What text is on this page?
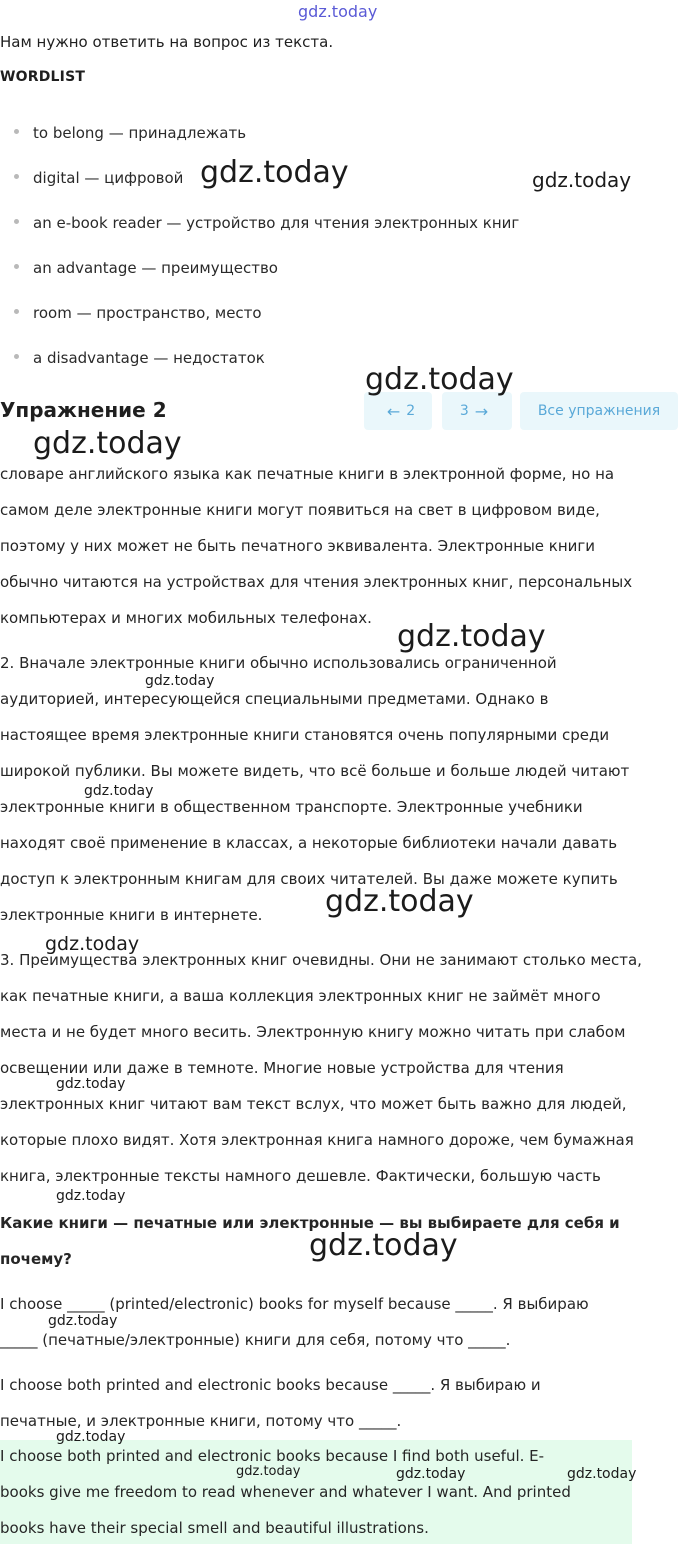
gdz.today
Нам нужно ответить на вопрос из текста.
WORDLIST
to belong — принадлежать
digital — цифровой
an e-book reader — устройство для чтения электронных книг
an advantage — преимущество
room — пространство, место
a disadvantage — недостаток
Упражнение 2	← 2	3 →	Все упражнения
словаре английского языка как печатные книги в электронной форме, но на
самом деле электронные книги могут появиться на свет в цифровом виде,
поэтому у них может не быть печатного эквивалента. Электронные книги
обычно читаются на устройствах для чтения электронных книг, персональных
компьютерах и многих мобильных телефонах.
2. Вначале электронные книги обычно использовались ограниченной
аудиторией, интересующейся специальными предметами. Однако в
настоящее время электронные книги становятся очень популярными среди
широкой публики. Вы можете видеть, что всё больше и больше людей читают
электронные книги в общественном транспорте. Электронные учебники
находят своё применение в классах, а некоторые библиотеки начали давать
доступ к электронным книгам для своих читателей. Вы даже можете купить
электронные книги в интернете.
3. Преимущества электронных книг очевидны. Они не занимают столько места,
как печатные книги, а ваша коллекция электронных книг не займёт много
места и не будет много весить. Электронную книгу можно читать при слабом
освещении или даже в темноте. Многие новые устройства для чтения
электронных книг читают вам текст вслух, что может быть важно для людей,
которые плохо видят. Хотя электронная книга намного дороже, чем бумажная
книга, электронные тексты намного дешевле. Фактически, большую часть
Какие книги — печатные или электронные — вы выбираете для себя и
почему?
I choose _____ (printed/electronic) books for myself because _____. Я выбираю
_____ (печатные/электронные) книги для себя, потому что _____.
I choose both printed and electronic books because _____. Я выбираю и
печатные, и электронные книги, потому что _____.
I choose both printed and electronic books because I find both useful. E-
books give me freedom to read whenever and whatever I want. And printed
books have their special smell and beautiful illustrations.
gdz.today	gdz.today
gdz.today
gdz.today
gdz.today
gdz.today
gdz.today
gdz.today
gdz.today
gdz.today
gdz.today
gdz.today
gdz.today
gdz.today
gdz.today	gdz.today	gdz.today
